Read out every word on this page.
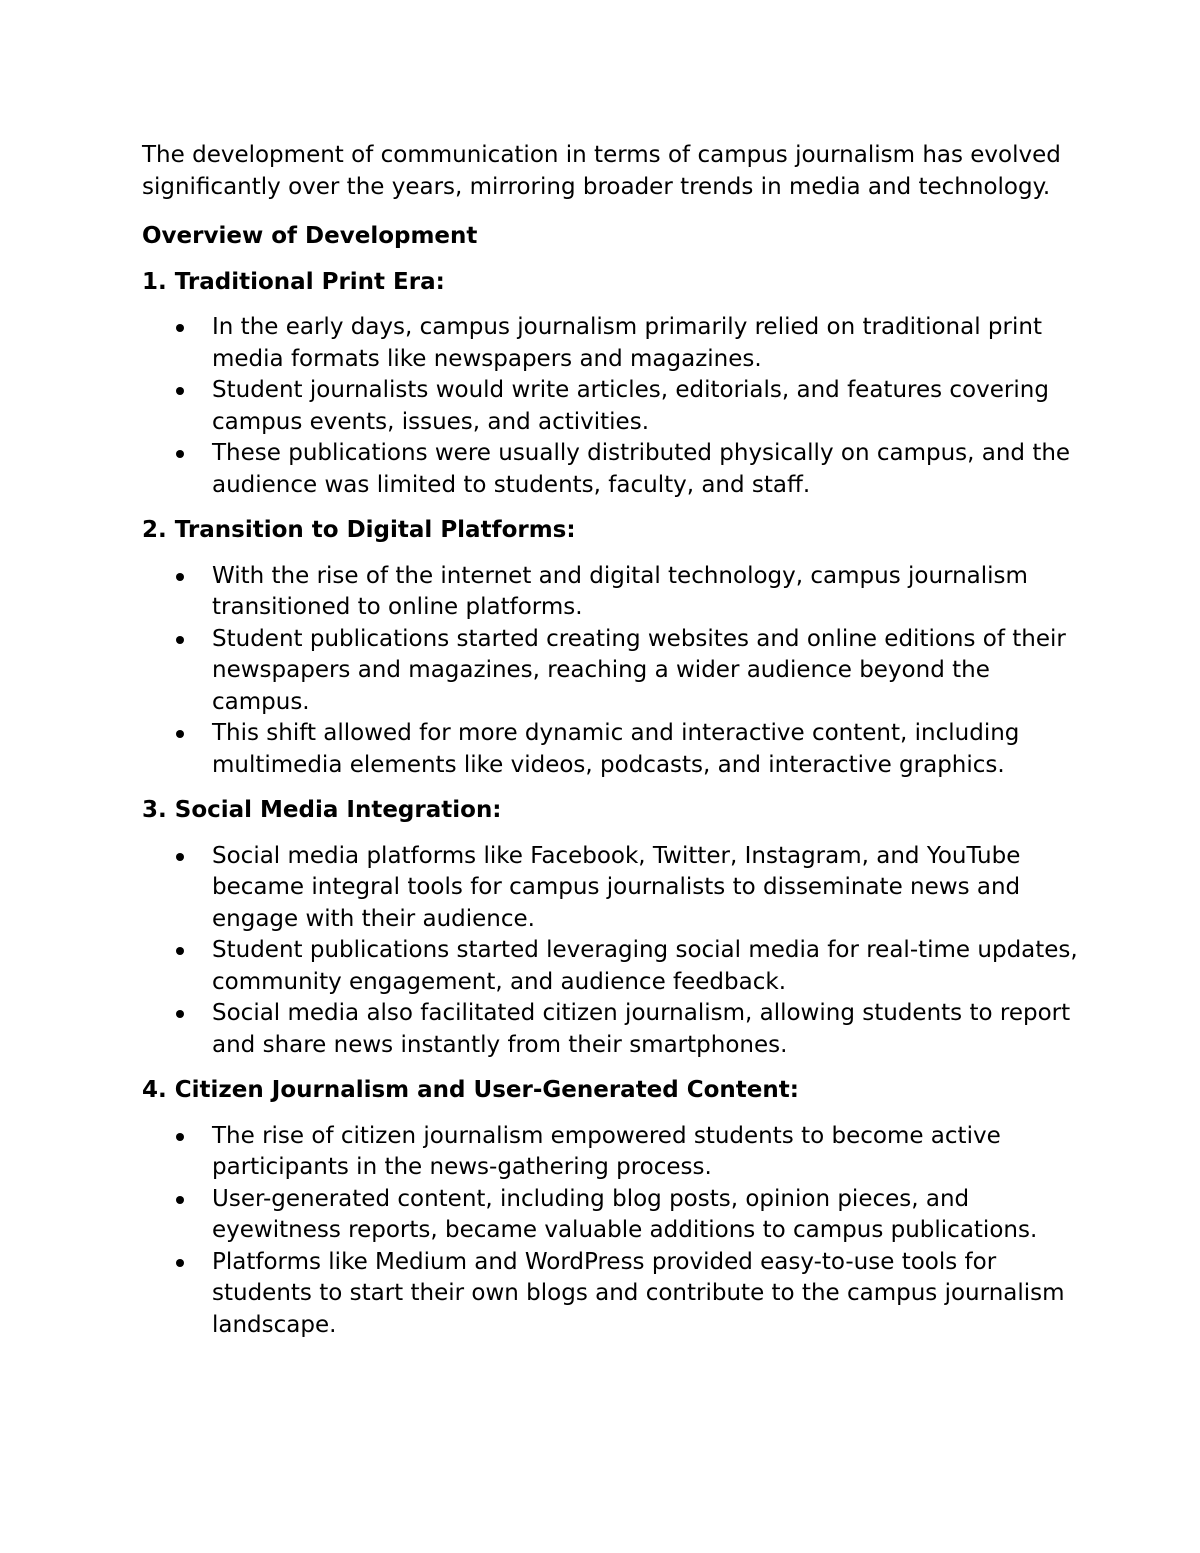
The development of communication in terms of campus journalism has evolved significantly over the years, mirroring broader trends in media and technology.

Overview of Development

1. Traditional Print Era:

In the early days, campus journalism primarily relied on traditional print media formats like newspapers and magazines.
Student journalists would write articles, editorials, and features covering campus events, issues, and activities.
These publications were usually distributed physically on campus, and the audience was limited to students, faculty, and staff.

2. Transition to Digital Platforms:

With the rise of the internet and digital technology, campus journalism transitioned to online platforms.
Student publications started creating websites and online editions of their newspapers and magazines, reaching a wider audience beyond the campus.
This shift allowed for more dynamic and interactive content, including multimedia elements like videos, podcasts, and interactive graphics.

3. Social Media Integration:

Social media platforms like Facebook, Twitter, Instagram, and YouTube became integral tools for campus journalists to disseminate news and engage with their audience.
Student publications started leveraging social media for real-time updates, community engagement, and audience feedback.
Social media also facilitated citizen journalism, allowing students to report and share news instantly from their smartphones.

4. Citizen Journalism and User-Generated Content:

The rise of citizen journalism empowered students to become active participants in the news-gathering process.
User-generated content, including blog posts, opinion pieces, and eyewitness reports, became valuable additions to campus publications.
Platforms like Medium and WordPress provided easy-to-use tools for students to start their own blogs and contribute to the campus journalism landscape.
